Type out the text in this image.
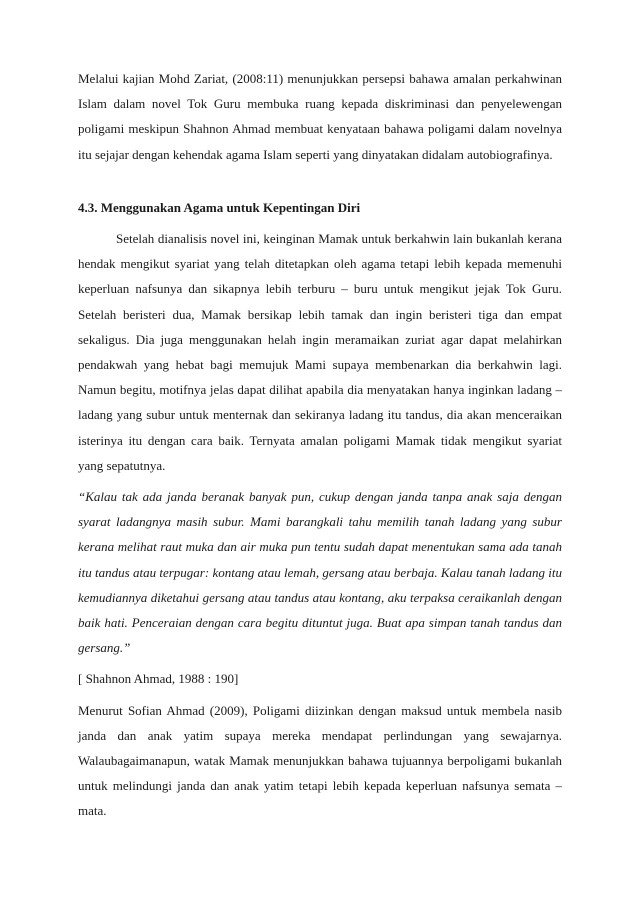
Melalui kajian Mohd Zariat, (2008:11) menunjukkan persepsi bahawa amalan perkahwinan Islam dalam novel Tok Guru membuka ruang kepada diskriminasi dan penyelewengan poligami meskipun Shahnon Ahmad membuat kenyataan bahawa poligami dalam novelnya itu sejajar dengan kehendak agama Islam seperti yang dinyatakan didalam autobiografinya.

4.3. Menggunakan Agama untuk Kepentingan Diri

Setelah dianalisis novel ini, keinginan Mamak untuk berkahwin lain bukanlah kerana hendak mengikut syariat yang telah ditetapkan oleh agama tetapi lebih kepada memenuhi keperluan nafsunya dan sikapnya lebih terburu – buru untuk mengikut jejak Tok Guru. Setelah beristeri dua, Mamak bersikap lebih tamak dan ingin beristeri tiga dan empat sekaligus. Dia juga menggunakan helah ingin meramaikan zuriat agar dapat melahirkan pendakwah yang hebat bagi memujuk Mami supaya membenarkan dia berkahwin lagi. Namun begitu, motifnya jelas dapat dilihat apabila dia menyatakan hanya inginkan ladang – ladang yang subur untuk menternak dan sekiranya ladang itu tandus, dia akan menceraikan isterinya itu dengan cara baik. Ternyata amalan poligami Mamak tidak mengikut syariat yang sepatutnya.

“Kalau tak ada janda beranak banyak pun, cukup dengan janda tanpa anak saja dengan syarat ladangnya masih subur. Mami barangkali tahu memilih tanah ladang yang subur kerana melihat raut muka dan air muka pun tentu sudah dapat menentukan sama ada tanah itu tandus atau terpugar: kontang atau lemah, gersang atau berbaja. Kalau tanah ladang itu kemudiannya diketahui gersang atau tandus atau kontang, aku terpaksa ceraikanlah dengan baik hati. Penceraian dengan cara begitu dituntut juga. Buat apa simpan tanah tandus dan gersang.”

[ Shahnon Ahmad, 1988 : 190]

Menurut Sofian Ahmad (2009), Poligami diizinkan dengan maksud untuk membela nasib janda dan anak yatim supaya mereka mendapat perlindungan yang sewajarnya. Walaubagaimanapun, watak Mamak menunjukkan bahawa tujuannya berpoligami bukanlah untuk melindungi janda dan anak yatim tetapi lebih kepada keperluan nafsunya semata – mata.
